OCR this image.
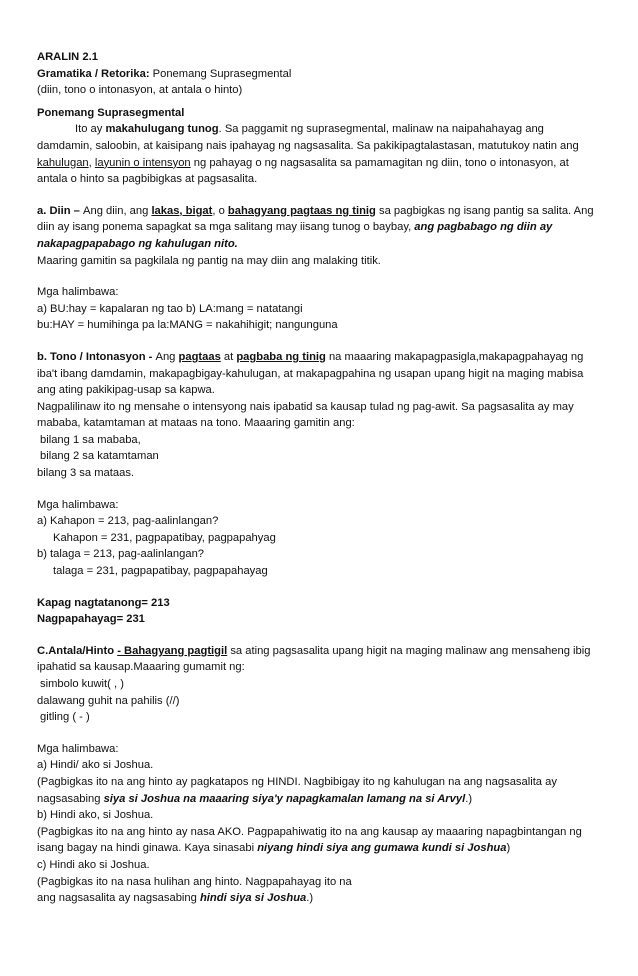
ARALIN 2.1
Gramatika / Retorika: Ponemang Suprasegmental
(diin, tono o intonasyon, at antala o hinto)
Ponemang Suprasegmental
Ito ay makahulugang tunog. Sa paggamit ng suprasegmental, malinaw na naipahahayag ang
damdamin, saloobin, at kaisipang nais ipahayag ng nagsasalita. Sa pakikipagtalastasan, matutukoy natin ang
kahulugan, layunin o intensyon ng pahayag o ng nagsasalita sa pamamagitan ng diin, tono o intonasyon, at
antala o hinto sa pagbibigkas at pagsasalita.
a. Diin – Ang diin, ang lakas, bigat, o bahagyang pagtaas ng tinig sa pagbigkas ng isang pantig sa salita. Ang
diin ay isang ponema sapagkat sa mga salitang may iisang tunog o baybay, ang pagbabago ng diin ay
nakapagpapabago ng kahulugan nito.
Maaring gamitin sa pagkilala ng pantig na may diin ang malaking titik.
Mga halimbawa:
a) BU:hay = kapalaran ng tao b) LA:mang = natatangi
bu:HAY = humihinga pa la:MANG = nakahihigit; nangunguna
b. Tono / Intonasyon - Ang pagtaas at pagbaba ng tinig na maaaring makapagpasigla,makapagpahayag ng
iba't ibang damdamin, makapagbigay-kahulugan, at makapagpahina ng usapan upang higit na maging mabisa
ang ating pakikipag-usap sa kapwa.
Nagpalilinaw ito ng mensahe o intensyong nais ipabatid sa kausap tulad ng pag-awit. Sa pagsasalita ay may
mababa, katamtaman at mataas na tono. Maaaring gamitin ang:
bilang 1 sa mababa,
bilang 2 sa katamtaman
bilang 3 sa mataas.
Mga halimbawa:
a) Kahapon = 213, pag-aalinlangan?
Kahapon = 231, pagpapatibay, pagpapahyag
b) talaga = 213, pag-aalinlangan?
talaga = 231, pagpapatibay, pagpapahayag
Kapag nagtatanong= 213
Nagpapahayag= 231
C.Antala/Hinto - Bahagyang pagtigil sa ating pagsasalita upang higit na maging malinaw ang mensaheng ibig
ipahatid sa kausap.Maaaring gumamit ng:
simbolo kuwit( , )
dalawang guhit na pahilis (//)
gitling ( - )
Mga halimbawa:
a) Hindi/ ako si Joshua.
(Pagbigkas ito na ang hinto ay pagkatapos ng HINDI. Nagbibigay ito ng kahulugan na ang nagsasalita ay
nagsasabing siya si Joshua na maaaring siya'y napagkamalan lamang na si Arvyl.)
b) Hindi ako, si Joshua.
(Pagbigkas ito na ang hinto ay nasa AKO. Pagpapahiwatig ito na ang kausap ay maaaring napagbintangan ng
isang bagay na hindi ginawa. Kaya sinasabi niyang hindi siya ang gumawa kundi si Joshua)
c) Hindi ako si Joshua.
(Pagbigkas ito na nasa hulihan ang hinto. Nagpapahayag ito na
ang nagsasalita ay nagsasabing hindi siya si Joshua.)
